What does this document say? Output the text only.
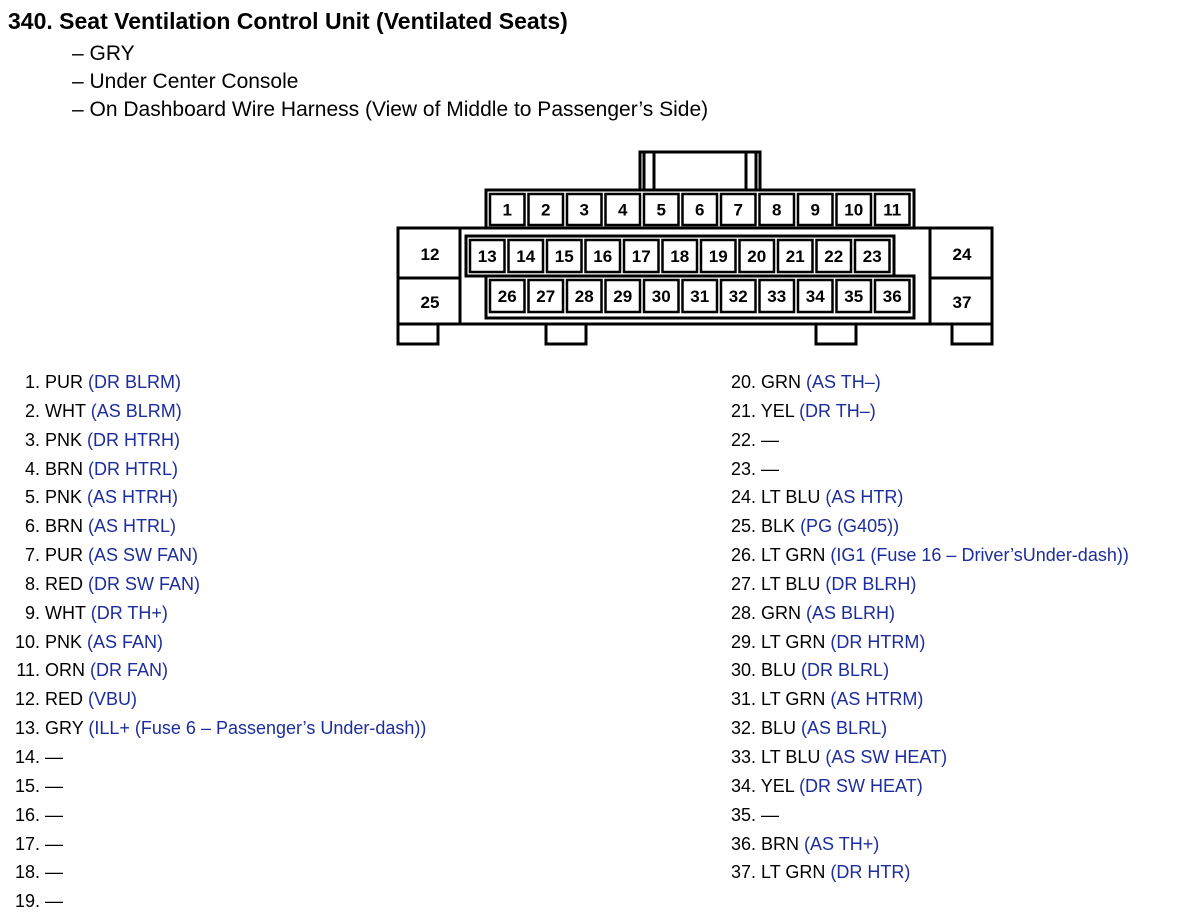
340. Seat Ventilation Control Unit (Ventilated Seats)
– GRY
– Under Center Console
– On Dashboard Wire Harness (View of Middle to Passenger’s Side)
1 2 3 4 5 6 7 8 9 10 11
13 14 15 16 17 18 19 20 21 22 23
26 27 28 29 30 31 32 33 34 35 36
12
25
24
37
1. PUR (DR BLRM)
2. WHT (AS BLRM)
3. PNK (DR HTRH)
4. BRN (DR HTRL)
5. PNK (AS HTRH)
6. BRN (AS HTRL)
7. PUR (AS SW FAN)
8. RED (DR SW FAN)
9. WHT (DR TH+)
10. PNK (AS FAN)
11. ORN (DR FAN)
12. RED (VBU)
13. GRY (ILL+ (Fuse 6 – Passenger’s Under-dash))
14. —
15. —
16. —
17. —
18. —
19. —
20. GRN (AS TH–)
21. YEL (DR TH–)
22. —
23. —
24. LT BLU (AS HTR)
25. BLK (PG (G405))
26. LT GRN (IG1 (Fuse 16 – Driver’sUnder-dash))
27. LT BLU (DR BLRH)
28. GRN (AS BLRH)
29. LT GRN (DR HTRM)
30. BLU (DR BLRL)
31. LT GRN (AS HTRM)
32. BLU (AS BLRL)
33. LT BLU (AS SW HEAT)
34. YEL (DR SW HEAT)
35. —
36. BRN (AS TH+)
37. LT GRN (DR HTR)
